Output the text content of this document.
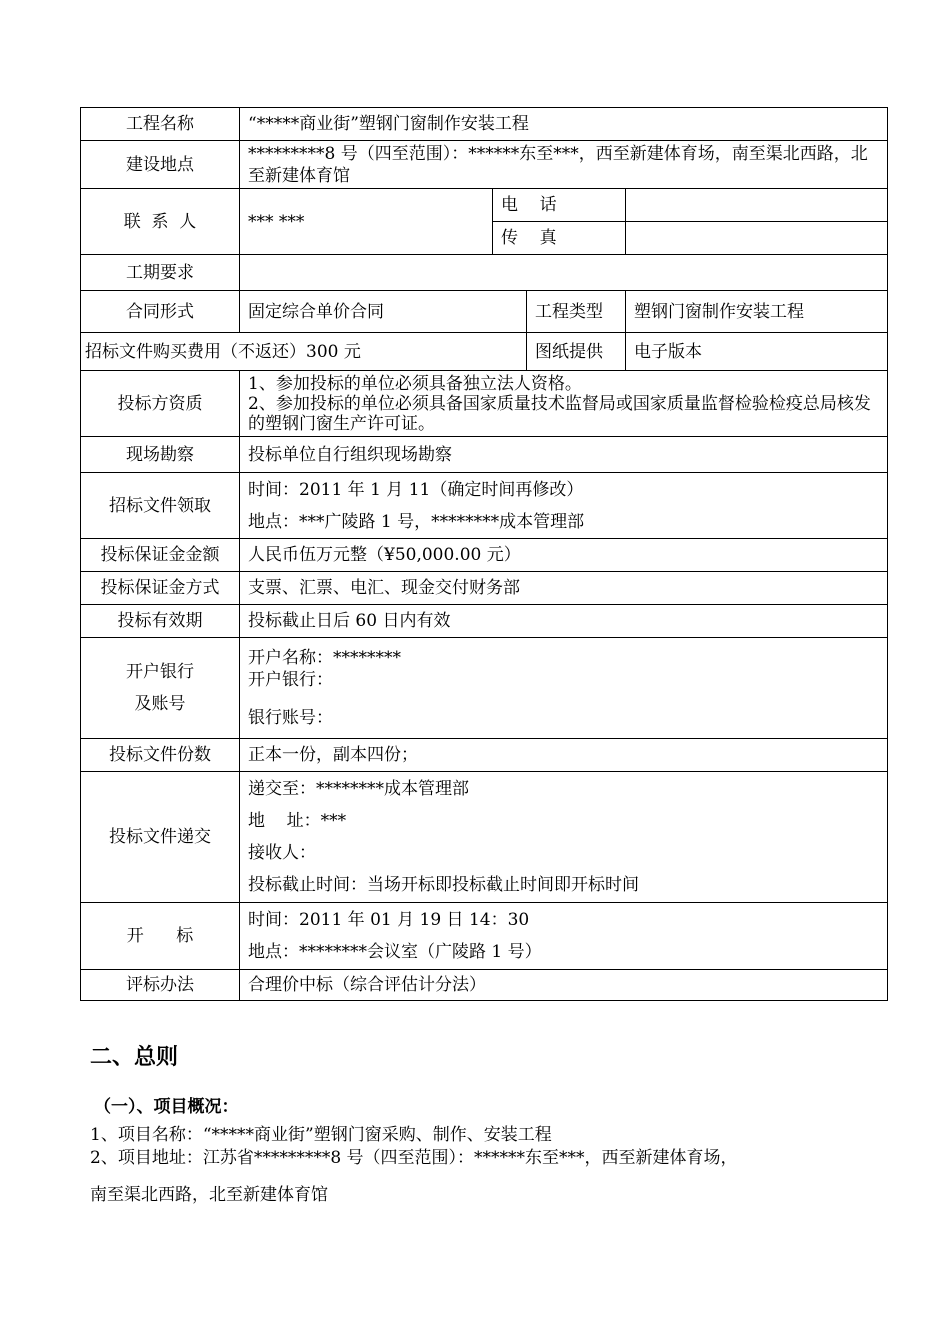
工程名称	“*****商业街”塑钢门窗制作安装工程			
建设地点	*********8 号（四至范围）：******东至***，西至新建体育场，南至渠北西路，北至新建体育馆			
联  系  人	*** ***	电    话		
		传    真		
工期要求				
合同形式	固定综合单价合同		工程类型	塑钢门窗制作安装工程
招标文件购买费用（不返还）300 元			图纸提供	电子版本
投标方资质	1、参加投标的单位必须具备独立法人资格。
2、参加投标的单位必须具备国家质量技术监督局或国家质量监督检验检疫总局核发的塑钢门窗生产许可证。			

现场勘察	投标单位自行组织现场勘察			
招标文件领取	时间：2011 年 1 月 11（确定时间再修改）
地点：***广陵路 1 号，********成本管理部			

投标保证金金额	人民币伍万元整（¥50,000.00 元）			
投标保证金方式	支票、汇票、电汇、现金交付财务部			
投标有效期	投标截止日后 60 日内有效			

开户银行
及账号	开户名称：********
开户银行：
银行账号：			

投标文件份数	正本一份，副本四份；			
投标文件递交	递交至：********成本管理部
地    址：***
接收人：
投标截止时间：当场开标即投标截止时间即开标时间			

开      标	时间：2011 年 01 月 19 日 14：30
地点：********会议室（广陵路 1 号）			

评标办法	合理价中标（综合评估计分法）			
二、总则
（一）、项目概况：

1、项目名称：“*****商业街”塑钢门窗采购、制作、安装工程

2、项目地址：江苏省*********8 号（四至范围）：******东至***，西至新建体育场，

南至渠北西路，北至新建体育馆
